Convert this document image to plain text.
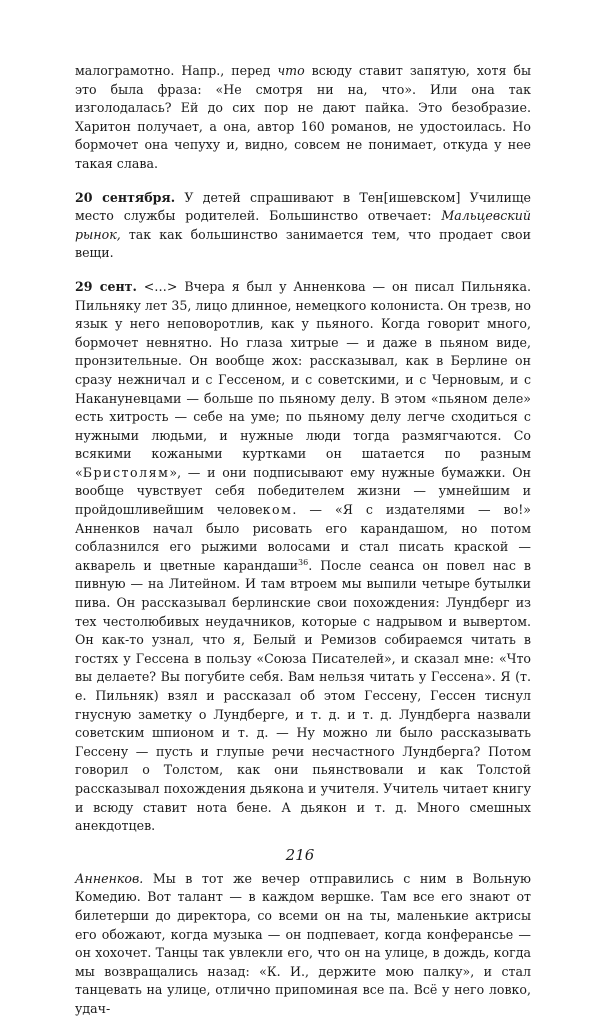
малограмотно. Напр., перед что всюду ставит запятую, хотя бы это была фраза: «Не смотря ни на, что». Или она так изголодалась? Ей до сих пор не дают пайка. Это безобразие. Харитон получает, а она, автор 160 романов, не удостоилась. Но бормочет она чепуху и, видно, совсем не понимает, откуда у нее такая слава.

20 сентября. У детей спрашивают в Тен[ишевском] Училище место службы родителей. Большинство отвечает: Мальцевский рынок, так как большинство занимается тем, что продает свои вещи.

29 сент. <…> Вчера я был у Анненкова — он писал Пильняка. Пильняку лет 35, лицо длинное, немецкого колониста. Он трезв, но язык у него неповоротлив, как у пьяного. Когда говорит много, бормочет невнятно. Но глаза хитрые — и даже в пьяном виде, пронзительные. Он вообще жох: рассказывал, как в Берлине он сразу нежничал и с Гессеном, и с советскими, и с Черновым, и с Накануневцами — больше по пьяному делу. В этом «пьяном деле» есть хитрость — себе на уме; по пьяному делу легче сходиться с нужными людьми, и нужные люди тогда размягчаются. Со всякими кожаными куртками он шатается по разным «Бристолям», — и они подписывают ему нужные бумажки. Он вообще чувствует себя победителем жизни — умнейшим и пройдошливейшим человеком. — «Я с издателями — во!» Анненков начал было рисовать его карандашом, но потом соблазнился его рыжими волосами и стал писать краской — акварель и цветные карандаши$^{36}$. После сеанса он повел нас в пивную — на Литейном. И там втроем мы выпили четыре бутылки пива. Он рассказывал берлинские свои похождения: Лундберг из тех честолюбивых неудачников, которые с надрывом и вывертом. Он как-то узнал, что я, Белый и Ремизов собираемся читать в гостях у Гессена в пользу «Союза Писателей», и сказал мне: «Что вы делаете? Вы погубите себя. Вам нельзя читать у Гессена». Я (т. е. Пильняк) взял и рассказал об этом Гессену, Гессен тиснул гнусную заметку о Лундберге, и т. д. и т. д. Лундберга назвали советским шпионом и т. д. — Ну можно ли было рассказывать Гессену — пусть и глупые речи несчастного Лундберга? Потом говорил о Толстом, как они пьянствовали и как Толстой рассказывал похождения дьякона и учителя. Учитель читает книгу и всюду ставит нота бене. А дьякон и т. д. Много смешных анекдотцев.

Анненков. Мы в тот же вечер отправились с ним в Вольную Комедию. Вот талант — в каждом вершке. Там все его знают от билетерши до директора, со всеми он на ты, маленькие актрисы его обожают, когда музыка — он подпевает, когда конферансье — он хохочет. Танцы так увлекли его, что он на улице, в дождь, когда мы возвращались назад: «К. И., держите мою палку», и стал танцевать на улице, отлично припоминая все па. Всё у него ловко, удач-

216
